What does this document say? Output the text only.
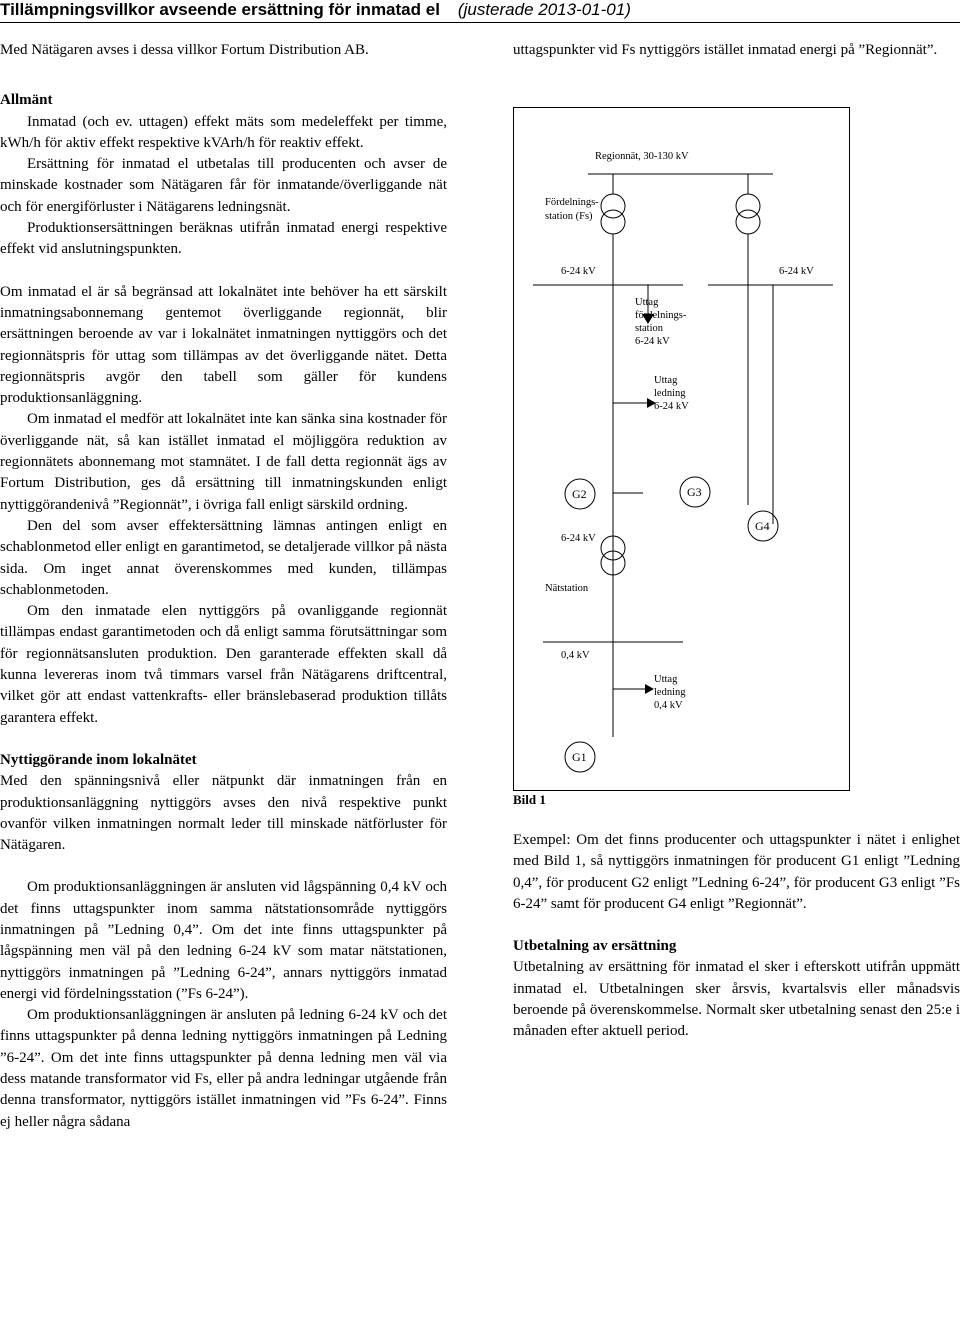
Tillämpningsvillkor avseende ersättning för inmatad el (justerade 2013-01-01)

Med Nätägaren avses i dessa villkor Fortum Distribution AB.

Allmänt

Inmatad (och ev. uttagen) effekt mäts som medeleffekt per timme, kWh/h för aktiv effekt respektive kVArh/h för reaktiv effekt.

Ersättning för inmatad el utbetalas till producenten och avser de minskade kostnader som Nätägaren får för inmatande/överliggande nät och för energiförluster i Nätägarens ledningsnät.

Produktionsersättningen beräknas utifrån inmatad energi respektive effekt vid anslutningspunkten.

Om inmatad el är så begränsad att lokalnätet inte behöver ha ett särskilt inmatningsabonnemang gentemot överliggande regionnät, blir ersättningen beroende av var i lokalnätet inmatningen nyttiggörs och det regionnätspris för uttag som tillämpas av det överliggande nätet. Detta regionnätspris avgör den tabell som gäller för kundens produktionsanläggning.

Om inmatad el medför att lokalnätet inte kan sänka sina kostnader för överliggande nät, så kan istället inmatad el möjliggöra reduktion av regionnätets abonnemang mot stamnätet. I de fall detta regionnät ägs av Fortum Distribution, ges då ersättning till inmatningskunden enligt nyttiggörandenivå ”Regionnät”, i övriga fall enligt särskild ordning.

Den del som avser effektersättning lämnas antingen enligt en schablonmetod eller enligt en garantimetod, se detaljerade villkor på nästa sida. Om inget annat överenskommes med kunden, tillämpas schablonmetoden.

Om den inmatade elen nyttiggörs på ovanliggande regionnät tillämpas endast garantimetoden och då enligt samma förutsättningar som för regionnätsansluten produktion. Den garanterade effekten skall då kunna levereras inom två timmars varsel från Nätägarens driftcentral, vilket gör att endast vattenkrafts- eller bränslebaserad produktion tillåts garantera effekt.

Nyttiggörande inom lokalnätet

Med den spänningsnivå eller nätpunkt där inmatningen från en produktionsanläggning nyttiggörs avses den nivå respektive punkt ovanför vilken inmatningen normalt leder till minskade nätförluster för Nätägaren.

Om produktionsanläggningen är ansluten vid lågspänning 0,4 kV och det finns uttagspunkter inom samma nätstationsområde nyttiggörs inmatningen på ”Ledning 0,4”. Om det inte finns uttagspunkter på lågspänning men väl på den ledning 6-24 kV som matar nätstationen, nyttiggörs inmatningen på ”Ledning 6-24”, annars nyttiggörs inmatad energi vid fördelningsstation (”Fs 6-24”).

Om produktionsanläggningen är ansluten på ledning 6-24 kV och det finns uttagspunkter på denna ledning nyttiggörs inmatningen på Ledning ”6-24”. Om det inte finns uttagspunkter på denna ledning men väl via dess matande transformator vid Fs, eller på andra ledningar utgående från denna transformator, nyttiggörs istället inmatningen vid ”Fs 6-24”. Finns ej heller några sådana

uttagspunkter vid Fs nyttiggörs istället inmatad energi på ”Regionnät”.

Regionnät, 30-130 kV
Fördelnings-
station (Fs)
6-24 kV	6-24 kV
Uttag
fördelnings-
station
6-24 kV
Uttag
ledning
6-24 kV
G2	G3
G4
6-24 kV
Nätstation
0,4 kV
Uttag
ledning
0,4 kV
G1
Bild 1

Exempel: Om det finns producenter och uttagspunkter i nätet i enlighet med Bild 1, så nyttiggörs inmatningen för producent G1 enligt ”Ledning 0,4”, för producent G2 enligt ”Ledning 6-24”, för producent G3 enligt ”Fs 6-24” samt för producent G4 enligt ”Regionnät”.

Utbetalning av ersättning

Utbetalning av ersättning för inmatad el sker i efterskott utifrån uppmätt inmatad el. Utbetalningen sker årsvis, kvartalsvis eller månadsvis beroende på överenskommelse. Normalt sker utbetalning senast den 25:e i månaden efter aktuell period.
